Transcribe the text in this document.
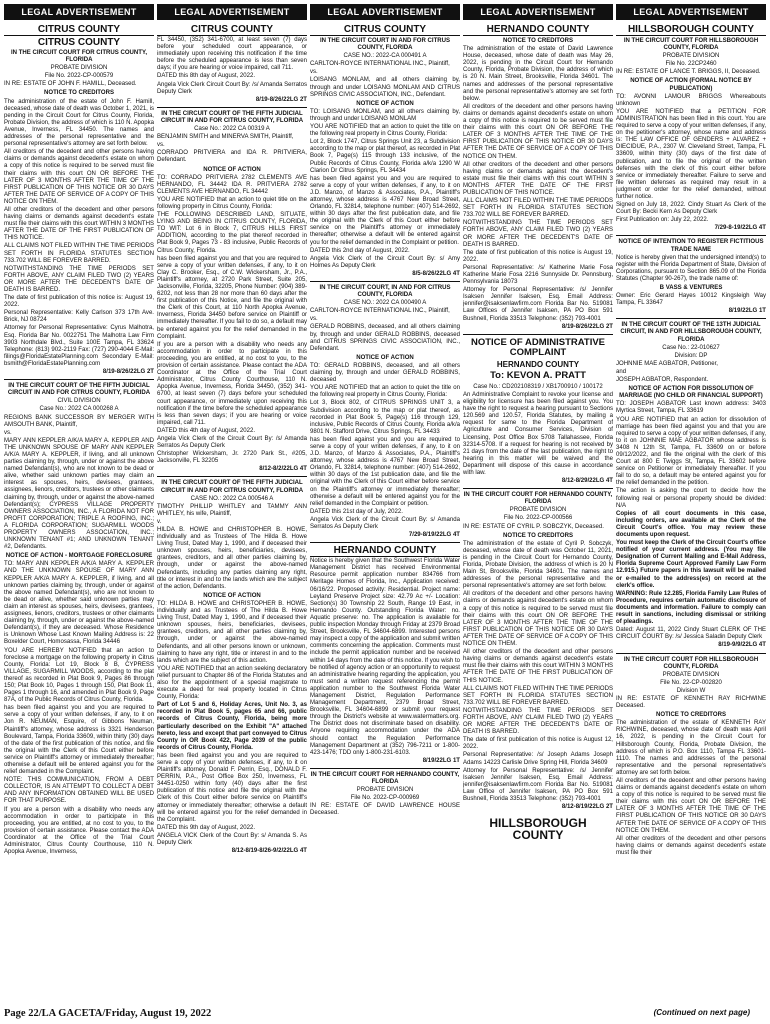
LEGAL ADVERTISEMENT
CITRUS COUNTY
CITRUS COUNTY
IN THE CIRCUIT COURT FOR CITRUS COUNTY, FLORIDA

PROBATE DIVISION

File No. 2022-CP-000579

IN RE: ESTATE OF JOHN F. HAMILL, Deceased.

NOTICE TO CREDITORS

The administration of the estate of John F. Hamill, deceased, whose date of death was October 1, 2021, is pending in the Circuit Court for Citrus County, Florida, Probate Division, the address of which is 110 N. Apopka Avenue, Inverness, FL 34450. The names and addresses of the personal representative and the personal representative's attorney are set forth below.

All creditors of the decedent and other persons having claims or demands against decedent's estate on whom a copy of this notice is required to be served must file their claims with this court ON OR BEFORE THE LATER OF 3 MONTHS AFTER THE TIME OF THE FIRST PUBLICATION OF THIS NOTICE OR 30 DAYS AFTER THE DATE OF SERVICE OF A COPY OF THIS NOTICE ON THEM.

All other creditors of the decedent and other persons having claims or demands against decedent's estate must file their claims with this court WITHIN 3 MONTHS AFTER THE DATE OF THE FIRST PUBLICATION OF THIS NOTICE.

ALL CLAIMS NOT FILED WITHIN THE TIME PERIODS SET FORTH IN FLORIDA STATUTES SECTION 733.702 WILL BE FOREVER BARRED.

NOTWITHSTANDING THE TIME PERIODS SET FORTH ABOVE, ANY CLAIM FILED TWO (2) YEARS OR MORE AFTER THE DECEDENT'S DATE OF DEATH IS BARRED.

The date of first publication of this notice is: August 19, 2022.

Personal Representative: Kelly Carlson 373 17th Ave. Brick, NJ 08724

Attorney for Personal Representative: Cyrus Malhotra, Esq. Florida Bar No. 0022751 The Malhotra Law Firm 3903 Northdale Blvd., Suite 100E Tampa, FL 33624 Telephone: (813) 902-2119 Fax: (727) 290-4044 E-Mail: filings@FloridaEstatePlanning.com Secondary E-Mail: bsmith@FloridaEstatePlanning.com

8/19-8/26/22LG 2T
IN THE CIRCUIT COURT OF THE FIFTH JUDICIAL CIRCUIT IN AND FOR CITRUS COUNTY, FLORIDA

CIVIL DIVISION

Case No.: 2022 CA 000268 A

REGIONS BANK SUCCESSOR BY MERGER WITH AMSOUTH BANK, Plaintiff,

vs.

MARY ANN KEPPLER A/K/A MARY A. KEPPLER AND THE UNKNOWN SPOUSE OF MARY ANN KEPPLER A/K/A MARY A. KEPPLER, if living, and all unknown parties claiming by, through, under or against the above named Defendant(s), who are not known to be dead or alive, whether said unknown parties may claim an interest as spouses, heirs, devisees, grantees, assignees, lienors, creditors, trustees or other claimants claiming by, through, under or against the above-named Defendant(s); CYPRESS VILLAGE PROPERTY OWNERS ASSOCIATION, INC., A FLORIDA NOT FOR PROFIT CORPORATION; TRIPLE A ROOFING, INC.; A FLORIDA CORPORATION; SUGARMILL WOODS PROPERTY OWNERS ASSOCIATION, INC.; UNKNOWN TENANT #1; AND UNKNOWN TENANT #2, Defendants.

NOTICE OF ACTION - MORTGAGE FORECLOSURE

TO: MARY ANN KEPPLER A/K/A MARY A. KEPPLER AND THE UNKNOWN SPOUSE OF MARY ANN KEPPLER A/K/A MARY A. KEPPLER, if living, and all unknown parties claiming by, through, under or against the above named Defendant(s), who are not known to be dead or alive, whether said unknown parties may claim an interest as spouses, heirs, devisees, grantees, assignees, lienors, creditors, trustees or other claimants claiming by, through, under or against the above-named Defendant(s), if they are deceased. Whose Residence is Unknown Whose Last Known Mailing Address is: 22 Boxelder Court, Homosassa, Florida 34446

YOU ARE HEREBY NOTIFIED that an action to foreclose a mortgage on the following property in Citrus County, Florida: Lot 19, Block 8 B, CYPRESS VILLAGE, SUGARMILL WOODS, according to the plat thereof as recorded in Plat Book 9, Pages 86 through 150; Plat Book 10, Pages 1 through 150, Plat Book 11, Pages 1 through 16, and amended in Plat Book 9, Page 87A, of the Public Records of Citrus County, Florida.

has been filed against you and you are required to serve a copy of your written defenses, if any, to it on Jon R. NEUMAN, Esquire, of Gibbons Neuman, Plaintiff's attorney, whose address is 3321 Henderson Boulevard, Tampa, Florida 33609, within thirty (30) days of the date of the first publication of this notice, and file the original with the Clerk of this Court either before service on Plaintiff's attorney or immediately thereafter; otherwise a default will be entered against you for the relief demanded in the Complaint.

NOTE: THIS COMMUNICATION, FROM A DEBT COLLECTOR, IS AN ATTEMPT TO COLLECT A DEBT AND ANY INFORMATION OBTAINED WILL BE USED FOR THAT PURPOSE.

If you are a person with a disability who needs any accommodation in order to participate in this proceeding, you are entitled, at no cost to you, to the provision of certain assistance. Please contact the ADA Coordinator at the Office of the Trial Court Administrator, Citrus County Courthouse, 110 N. Apopka Avenue, Inverness,

LEGAL ADVERTISEMENT
CITRUS COUNTY

FL 34450, (352) 341-6700, at least seven (7) days before your scheduled court appearance, or immediately upon receiving this notification if the time before the scheduled appearance is less than seven days; if you are hearing or voice impaired, call 711.

DATED this 8th day of August, 2022.

Angela Vick Clerk Circuit Court By: /s/ Amanda Serratos Deputy Clerk

8/19-8/26/22LG 2T
IN THE CIRCUIT COURT OF THE FIFTH JUDICIAL CIRCUIT IN AND FOR CITRUS COUNTY, FLORIDA

Case No.: 2022 CA 00319 A

BENJAMIN SMITH and MINERVA SMITH, Plaintiff,

vs.

CORRADO PRITVIERA and IDA R. PRITVIERA, Defendant.

NOTICE OF ACTION

TO: CORRADO PRITVIERA 2782 CLEMENTS AVE HERNANDO, FL 34442 IDA R. PRITVIERA 2782 CLEMENTS AVE HERNANDO, FL 34442

YOU ARE NOTIFIED that an action to quiet title on the following property in Citrus County, Florida:

THE FOLLOWING DESCRIBED LAND, SITUATE, LYING AND BEING IN CITRUS COUNTY, FLORIDA, TO WIT: Lot 6 in Block 7, CITRUS HILLS FIRST ADDITION, according to the plat thereof recorded in Plat Book 9, Pages 73 - 83 inclusive, Public Records of Citrus County, Florida.

has been filed against you and that you are required to serve a copy of your written defenses, if any, to it on Clay C. Brooker, Esq., of C.W. Wickersham, Jr., P.A., Plaintiff's attorney, at 2720 Park Street, Suite 205, Jacksonville, Florida, 32205, Phone Number: (904) 389-6202, not less than 28 nor more than 60 days after the first publication of this Notice, and file the original with the Clerk of this Court, at 110 North Apopka Avenue, Inverness, Florida 34450 before service on Plaintiff or immediately thereafter. If you fail to do so, a default may be entered against you for the relief demanded in the Complaint.

If you are a person with a disability who needs any accommodation in order to participate in this proceeding, you are entitled, at no cost to you, to the provision of certain assistance. Please contact the ADA Coordinator at the Office of the Trial Court Administrator, Citrus County Courthouse, 110 N. Apopka Avenue, Inverness, Florida 34450, (352) 341-6700, at least seven (7) days before your scheduled court appearance, or immediately upon receiving this notification if the time before the scheduled appearance is less than seven days; if you are hearing or voice impaired, call 711.

DATED this 4th day of August, 2022.

Angela Vick Clerk of the Circuit Court By: /s/ Amanda Serratos As Deputy Clerk

Christopher Wickersham, Jr. 2720 Park St., #205, Jacksonville, FL 32205

8/12-8/2/22LG 4T
IN THE CIRCUIT COURT OF THE FIFTH JUDICIAL CIRCUIT IN AND FOR CITRUS COUNTY, FLORIDA

CASE NO.: 2022 CA 000546 A

TIMOTHY PHILLIP WHITLEY and TAMMY ANN WHITLEY, his wife, Plaintiff,

v.

HILDA B. HOWE and CHRISTOPHER B. HOWE, individually and as Trustees of The Hilda B. Howe Living Trust, Dated May 1, 1990, and if deceased their unknown spouses, heirs, beneficiaries, devisees, grantees, creditors, and all other parties claiming by, through, under or against the above-named Defendants, including any parties claiming any right, title or interest in and to the lands which are the subject of the action, Defendants.

NOTICE OF ACTION

TO: HILDA B. HOWE and CHRISTOPHER B. HOWE, individually and as Trustees of The Hilda B. Howe Living Trust, Dated May 1, 1990, and if deceased their unknown spouses, heirs, beneficiaries, devisees, grantees, creditors, and all other parties claiming by, through, under or against the above-named Defendants, and all other persons known or unknown, claiming to have any right, title or interest in and to the lands which are the subject of this action.

YOU ARE NOTIFIED that an action seeking declaratory relief pursuant to Chapter 86 of the Florida Statutes and also for the appointment of a special magistrate to execute a deed for real property located in Citrus County, Florida:

Part of Lot 5 and 6, Holiday Acres, Unit No. 3, as recorded in Plat Book 5, pages 65 and 66, public records of Citrus County, Florida, being more particularly described on the Exhibit "A" attached hereto, less and except that part conveyed to Citrus County in OR Book 422, Page 2039 of the public records of Citrus County, Florida.

has been filed against you and you are required to serve a copy of your written defenses, if any, to it on Plaintiff's attorney, Donald F. Perrin, Esq., DONALD F. PERRIN, P.A., Post Office Box 250, Inverness, FL 34451-0250 within forty (40) days after the first publication of this notice and file the original with the Clerk of this Court either before service on Plaintiff's attorney or immediately thereafter; otherwise a default will be entered against you for the relief demanded in the Complaint.

DATED this 9th day of August, 2022.

ANGELA VICK Clerk of the Court By: s/ Amanda S. As Deputy Clerk

8/12-8/19-8/26-9/2/22LG 4T
LEGAL ADVERTISEMENT
CITRUS COUNTY
IN THE CIRCUIT COURT IN AND FOR CITRUS COUNTY, FLORIDA

CASE NO.: 2022-CA 000491 A

CARLTON-ROYCE INTERNATIONAL INC., Plaintiff,

vs.

LOISANG MONLAM, and all others claiming by, through and under LOISANG MONLAM AND CITRUS SPRINGS CIVIC ASSOCIATION, INC., Defendant.

NOTICE OF ACTION

TO: LOISANG MONLAM, and all others claiming by, through and under LOISANG MONLAM

YOU ARE NOTIFIED that an action to quiet the title on the following real property in Citrus County, Florida:

Lot 2, Block 1747, Citrus Springs Unit 23, a Subdivision according to the map or plat thereof, as recorded in Plat Book 7, Page(s) 115 through 133 inclusive, of the Public Records of Citrus County, Florida a/k/a 1290 W Clarion Dr Citrus Springs, FL 34434

has been filed against you and you are required to serve a copy of your written defenses, if any, to it on J.D. Manzo, of Manzo & Associates, P.A., Plaintiff's attorney, whose address is 4767 New Broad Street, Orlando, FL 32814, telephone number: (407) 514-2692, within 30 days after the first publication date, and file the original with the Clerk of this Court either before service on the Plaintiff's attorney or immediately thereafter; otherwise a default will be entered against you for the relief demanded in the Complaint or petition.

DATED this 2nd day of August, 2022.

Angela Vick Clerk of the Circuit Court By: s/ Amy Holmes As Deputy Clerk

8/5-8/26/22LG 4T
IN THE CIRCUIT COURT, IN AND FOR CITRUS COUNTY, FLORIDA

CASE NO.: 2022 CA 000490 A

CARLTON-ROYCE INTERNATIONAL INC., Plaintiff,

vs.

GERALD ROBBINS, deceased, and all others claiming by, through and under GERALD ROBBINS, deceased and CITRUS SPRINGS CIVIC ASSOCIATION, INC., Defendant.

NOTICE OF ACTION

TO: GERALD ROBBINS, deceased, and all others claiming by, through and under GERALD ROBBINS, deceased

YOU ARE NOTIFIED that an action to quiet the title on the following real property in Citrus County, Florida:

Lot 3, Block 802, of CITRUS SPRINGS UNIT 3, a Subdivision according to the map or plat thereof, as recorded in Plat Book 5, Page(s) 116 through 129, inclusive, Public Records of Citrus County, Florida a/k/a 9801 N. Stafford Drive, Citrus Springs, FL 34433

has been filed against you and you are required to serve a copy of your written defenses, if any, to it on J.D. Manzo, of Manzo & Associates, P.A., Plaintiff's attorney, whose address is 4767 New Broad Street, Orlando, FL 32814, telephone number: (407) 514-2692, within 30 days of the 1st publication date, and file the original with the Clerk of this Court either before service on the Plaintiff's attorney or immediately thereafter; otherwise a default will be entered against you for the relief demanded in the Complaint or petition.

DATED this 21st day of July, 2022.

Angela Vick Clerk of the Circuit Court By: s/ Amanda Serratos As Deputy Clerk

7/29-8/19/22LG 4T
HERNANDO COUNTY

Notice is hereby given that the Southwest Florida Water Management District has received Environmental Resource permit application number 834766 from Meritage Homes of Florida, Inc., Application received: 06/16/22. Proposed activity: Residential. Project name: Leyland Preserve Project size: 42.79 Ac +/- Location: Section(s) 30 Township 22 South, Range 19 East, in Hernando County. Outstanding Florida Water: no. Aquatic preserve: no. The application is available for public inspection Monday through Friday at 2379 Broad Street, Brooksville, FL 34604-6899. Interested persons may inspect a copy of the application and submit written comments concerning the application. Comments must include the permit application number and be received within 14 days from the date of this notice. If you wish to be notified of agency action or an opportunity to request an administrative hearing regarding the application, you must send a written request referencing the permit application number to the Southwest Florida Water Management District, Regulation Performance Management Department, 2379 Broad Street, Brooksville, FL 34604-6899 or submit your request through the District's website at www.watermatters.org. The District does not discriminate based on disability. Anyone requiring accommodation under the ADA should contact the Regulation Performance Management Department at (352) 796-7211 or 1-800-423-1476; TDD only 1-800-231-6103.

8/19/22LG 1T
IN THE CIRCUIT COURT FOR HERNANDO COUNTY, FLORIDA

PROBATE DIVISION

File No. 2022-CP-000969

IN RE: ESTATE OF DAVID LAWRENCE HOUSE Deceased.

LEGAL ADVERTISEMENT
HERNANDO COUNTY
NOTICE TO CREDITORS

The administration of the estate of David Lawrence House, deceased, whose date of death was May 26, 2022, is pending in the Circuit Court for Hernando County, Florida, Probate Division, the address of which is 20 N. Main Street, Brooksville, Florida 34601. The names and addresses of the personal representative and the personal representative's attorney are set forth below.

All creditors of the decedent and other persons having claims or demands against decedent's estate on whom a copy of this notice is required to be served must file their claims with this court ON OR BEFORE THE LATER OF 3 MONTHS AFTER THE TIME OF THE FIRST PUBLICATION OF THIS NOTICE OR 30 DAYS AFTER THE DATE OF SERVICE OF A COPY OF THIS NOTICE ON THEM.

All other creditors of the decedent and other persons having claims or demands against the decedent's estate must file their claims with this court WITHIN 3 MONTHS AFTER THE DATE OF THE FIRST PUBLICATION OF THIS NOTICE.

ALL CLAIMS NOT FILED WITHIN THE TIME PERIODS SET FORTH IN FLORIDA STATUTES SECTION 733.702 WILL BE FOREVER BARRED.

NOTWITHSTANDING THE TIME PERIODS SET FORTH ABOVE, ANY CLAIM FILED TWO (2) YEARS OR MORE AFTER THE DECEDENT'S DATE OF DEATH IS BARRED.

The date of first publication of this notice is August 19, 2022.

Personal Representative: /s/ Katherine Marie Fosa Katherine Marie Fosa 2216 Sunnyside Dr. Pennsburg, Pennsylvania 18073

Attorney for Personal Representative: /s/ Jennifer Isaksen Jennifer Isaksen, Esq. Email Address: jennifer@isaksenlawfirm.com Florida Bar No. 519081 Law Offices of Jennifer Isaksen, PA PO Box 591 Bushnell, Florida 33513 Telephone: (352) 793-4001

8/19-8/26/22LG 2T
NOTICE OF ADMINISTRATIVE COMPLAINT
HERNANDO COUNTY
To: KEVON A. PRATT

Case No.: CD202108319 / XB1700910 / 100172

An Administrative Complaint to revoke your license and eligibility for licensure has been filed against you. You have the right to request a hearing pursuant to Sections 120.569 and 120.57, Florida Statutes, by mailing a request for same to the Florida Department of Agriculture and Consumer Services, Division of Licensing, Post Office Box 5708 Tallahassee, Florida 32314-5708. If a request for hearing is not received by 21 days from the date of the last publication, the right to hearing in this matter will be waived and the Department will dispose of this cause in accordance with law.

8/12-8/29/22LG 4T
IN THE CIRCUIT COURT FOR HERNANDO COUNTY, FLORIDA

PROBATE DIVISION

File No. 2022-CP-000566

IN RE: ESTATE OF CYRIL P. SOBCZYK, Deceased.

NOTICE TO CREDITORS

The administration of the estate of Cyril P. Sobczyk, deceased, whose date of death was October 11, 2021, is pending in the Circuit Court for Hernando County, Florida, Probate Division, the address of which is 20 N Main St, Brooksville, Florida 34601. The names and addresses of the personal representative and the personal representative's attorney are set forth below.

All creditors of the decedent and other persons having claims or demands against decedent's estate on whom a copy of this notice is required to be served must file their claims with this court ON OR BEFORE THE LATER OF 3 MONTHS AFTER THE TIME OF THE FIRST PUBLICATION OF THIS NOTICE OR 30 DAYS AFTER THE DATE OF SERVICE OF A COPY OF THIS NOTICE ON THEM.

All other creditors of the decedent and other persons having claims or demands against decedent's estate must file their claims with this court WITHIN 3 MONTHS AFTER THE DATE OF THE FIRST PUBLICATION OF THIS NOTICE.

ALL CLAIMS NOT FILED WITHIN THE TIME PERIODS SET FORTH IN FLORIDA STATUTES SECTION 733.702 WILL BE FOREVER BARRED.

NOTWITHSTANDING THE TIME PERIODS SET FORTH ABOVE, ANY CLAIM FILED TWO (2) YEARS OR MORE AFTER THE DECEDENT'S DATE OF DEATH IS BARRED.

The date of first publication of this notice is August 12, 2022.

Personal Representative: /s/ Joseph Adams Joseph Adams 14223 Carlisle Drive Spring Hill, Florida 34609

Attorney for Personal Representative: /s/ Jennifer Isaksen Jennifer Isaksen, Esq. Email Address: jennifer@isaksenlawfirm.com Florida Bar No. 519081 Law Office of Jennifer Isaksen, PA PO Box 591 Bushnell, Florida 33513 Telephone: (352) 793-4001

8/12-8/19/22LG 2T
HILLSBOROUGH COUNTY
LEGAL ADVERTISEMENT
HILLSBOROUGH COUNTY
IN THE CIRCUIT COURT FOR HILLSBOROUGH COUNTY, FLORIDA

PROBATE DIVISION

File No. 22CP2460

IN RE: ESTATE OF LANCE T. BRIGGS, II, Deceased.

NOTICE OF ACTION (FORMAL NOTICE BY PUBLICATION)

TO: AVONNI LAMOUR BRIGGS Whereabouts unknown

YOU ARE NOTIFIED that a PETITION FOR ADMINISTRATION has been filed in this court. You are required to serve a copy of your written defenses, if any, on the petitioner's attorney, whose name and address is: THE LAW OFFICE OF GENDERS + ALVAREZ + DIECIDUE, P.A., 2307 W. Cleveland Street, Tampa, FL 33609, within thirty (30) days of the first date of publication, and to file the original of the written defenses with the clerk of this court either before service or immediately thereafter. Failure to serve and file written defenses as required may result in a judgment or order for the relief demanded, without further notice.

Signed on July 18, 2022. Cindy Stuart As Clerk of the Court By: Becki Kern As Deputy Clerk

First Publication on: July 22, 2022.

7/29-8-19/22LG 4T
NOTICE OF INTENTION TO REGISTER FICTITIOUS TRADE NAME

Notice is hereby given that the undersigned intend(s) to register with the Florida Department of State, Division of Corporations, pursuant to Section 865.09 of the Florida Statutes (Chapter 90-267), the trade name of:

B VASS & VENTURES

Owner: Eric Gerard Hayes 10012 Kingsleigh Way Tampa, FL 33647

8/19/22LG 1T
IN THE CIRCUIT COURT OF THE 13TH JUDICIAL CIRCUIT, IN AND FOR HILLSBOROUGH COUNTY, FLORIDA

Case No.: 22-010627

Division: DP

JOHNNIE MAE AGBATOR, Petitioner,

and

JOSEPH AGBATOR, Respondent.

NOTICE OF ACTION FOR DISSOLUTION OF MARRIAGE (NO CHILD OR FINANCIAL SUPPORT)

TO: JOSEPH AGBATOR Last known address: 3403 Myrtica Street, Tampa, FL 33619

YOU ARE NOTIFIED that an action for dissolution of marriage has been filed against you and that you are required to serve a copy of your written defenses, if any, to it on JOHNNIE MAE AGBATOR whose address is 3408 N 12th St, Tampa, FL 33609 on or before 09/12/2022, and file the original with the clerk of this Court at 800 E Twiggs St, Tampa, FL 33602 before service on Petitioner or immediately thereafter. If you fail to do so, a default may be entered against you for the relief demanded in the petition.

The action is asking the court to decide how the following real or personal property should be divided: N/A

Copies of all court documents in this case, including orders, are available at the Clerk of the Circuit Court's office. You may review these documents upon request.

You must keep the Clerk of the Circuit Court's office notified of your current address. (You may file Designation of Current Mailing and E-Mail Address, Florida Supreme Court Approved Family Law Form 12.915.) Future papers in this lawsuit will be mailed or e-mailed to the address(es) on record at the clerk's office.

WARNING: Rule 12.285, Florida Family Law Rules of Procedure, requires certain automatic disclosure of documents and information. Failure to comply can result in sanctions, including dismissal or striking of pleadings.

Dated: August 11, 2022 Cindy Stuart CLERK OF THE CIRCUIT COURT By: /s/ Jessica Saladin Deputy Clerk

8/19-9/9/22LG 4T
IN THE CIRCUIT COURT FOR HILLSBOROUGH COUNTY, FLORIDA

PROBATE DIVISION

File No. 22-CP-002820

Division W

IN RE: ESTATE OF KENNETH RAY RICHWINE Deceased.

NOTICE TO CREDITORS

The administration of the estate of KENNETH RAY RICHWINE, deceased, whose date of death was April 16, 2022, is pending in the Circuit Court for Hillsborough County, Florida, Probate Division, the address of which is P.O. Box 1110, Tampa FL 33601-1110. The names and addresses of the personal representative and the personal representative's attorney are set forth below.

All creditors of the decedent and other persons having claims or demands against decedent's estate on whom a copy of this notice is required to be served must file their claims with this court ON OR BEFORE THE LATER OF 3 MONTHS AFTER THE TIME OF THE FIRST PUBLICATION OF THIS NOTICE OR 30 DAYS AFTER THE DATE OF SERVICE OF A COPY OF THIS NOTICE ON THEM.

All other creditors of the decedent and other persons having claims or demands against decedent's estate must file their

Page 22/LA GACETA/Friday, August 19, 2022	(Continued on next page)
